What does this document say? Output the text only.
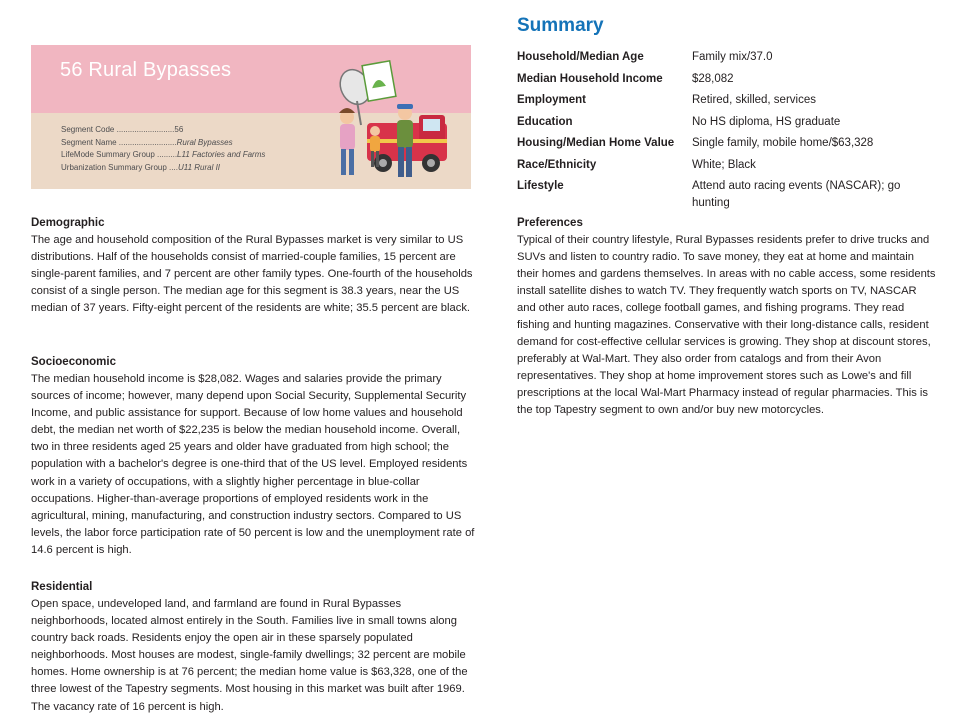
56 Rural Bypasses
Segment Code ..........................56
Segment Name ..........................Rural Bypasses
LifeMode Summary Group .........L11 Factories and Farms
Urbanization Summary Group ....U11 Rural II
Demographic

The age and household composition of the Rural Bypasses market is very similar to US distributions. Half of the households consist of married-couple families, 15 percent are single-parent families, and 7 percent are other family types. One-fourth of the households consist of a single person. The median age for this segment is 38.3 years, near the US median of 37 years. Fifty-eight percent of the residents are white; 35.5 percent are black.

Socioeconomic

The median household income is $28,082. Wages and salaries provide the primary sources of income; however, many depend upon Social Security, Supplemental Security Income, and public assistance for support. Because of low home values and household debt, the median net worth of $22,235 is below the median household income. Overall, two in three residents aged 25 years and older have graduated from high school; the population with a bachelor's degree is one-third that of the US level. Employed residents work in a variety of occupations, with a slightly higher percentage in blue-collar occupations. Higher-than-average proportions of employed residents work in the agricultural, mining, manufacturing, and construction industry sectors. Compared to US levels, the labor force participation rate of 50 percent is low and the unemployment rate of 14.6 percent is high.

Residential

Open space, undeveloped land, and farmland are found in Rural Bypasses neighborhoods, located almost entirely in the South. Families live in small towns along country back roads. Residents enjoy the open air in these sparsely populated neighborhoods. Most houses are modest, single-family dwellings; 32 percent are mobile homes. Home ownership is at 76 percent; the median home value is $63,328, one of the three lowest of the Tapestry segments. Most housing in this market was built after 1969. The vacancy rate of 16 percent is high.

Summary
Household/Median Age	Family mix/37.0
Median Household Income	$28,082
Employment	Retired, skilled, services
Education	No HS diploma, HS graduate
Housing/Median Home Value	Single family, mobile home/$63,328
Race/Ethnicity	White; Black
Lifestyle	Attend auto racing events (NASCAR); go hunting
Preferences

Typical of their country lifestyle, Rural Bypasses residents prefer to drive trucks and SUVs and listen to country radio. To save money, they eat at home and maintain their homes and gardens themselves. In areas with no cable access, some residents install satellite dishes to watch TV. They frequently watch sports on TV, NASCAR and other auto races, college football games, and fishing programs. They read fishing and hunting magazines. Conservative with their long-distance calls, resident demand for cost-effective cellular services is growing. They shop at discount stores, preferably at Wal-Mart. They also order from catalogs and from their Avon representatives. They shop at home improvement stores such as Lowe's and fill prescriptions at the local Wal-Mart Pharmacy instead of regular pharmacies. This is the top Tapestry segment to own and/or buy new motorcycles.
